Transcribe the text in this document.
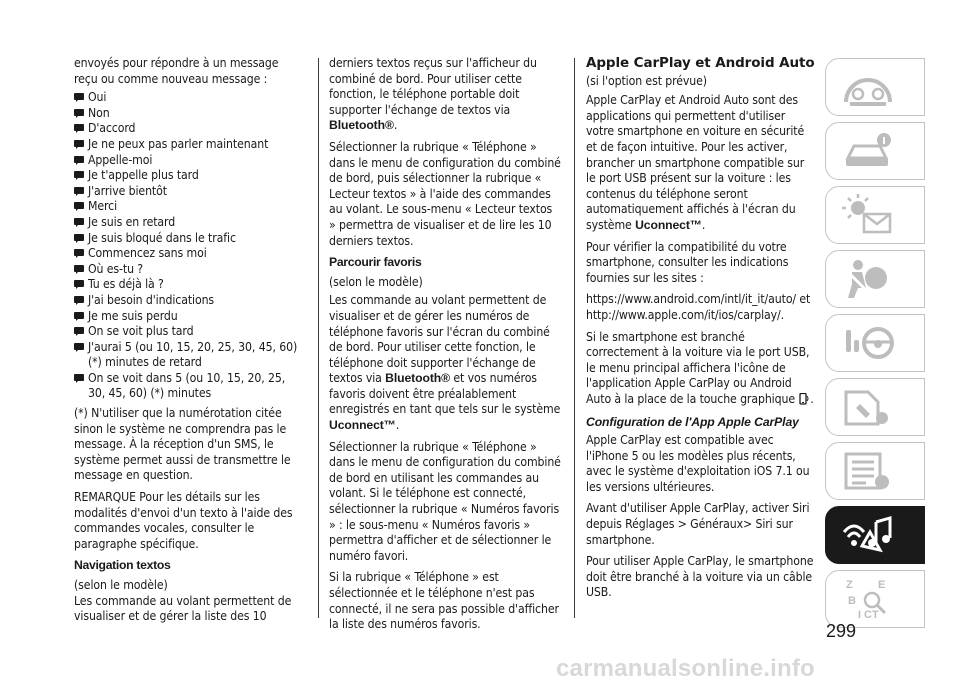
envoyés pour répondre à un message reçu ou comme nouveau message :

Oui
Non
D'accord
Je ne peux pas parler maintenant
Appelle-moi
Je t'appelle plus tard
J'arrive bientôt
Merci
Je suis en retard
Je suis bloqué dans le trafic
Commencez sans moi
Où es-tu ?
Tu es déjà là ?
J'ai besoin d'indications
Je me suis perdu
On se voit plus tard
J'aurai 5 (ou 10, 15, 20, 25, 30, 45, 60) (*) minutes de retard
On se voit dans 5 (ou 10, 15, 20, 25, 30, 45, 60) (*) minutes

(*) N'utiliser que la numérotation citée sinon le système ne comprendra pas le message. À la réception d'un SMS, le système permet aussi de transmettre le message en question.

REMARQUE Pour les détails sur les modalités d'envoi d'un texto à l'aide des commandes vocales, consulter le paragraphe spécifique.

Navigation textos
(selon le modèle)
Les commande au volant permettent de visualiser et de gérer la liste des 10

derniers textos reçus sur l'afficheur du combiné de bord. Pour utiliser cette fonction, le téléphone portable doit supporter l'échange de textos via Bluetooth®.

Sélectionner la rubrique « Téléphone » dans le menu de configuration du combiné de bord, puis sélectionner la rubrique « Lecteur textos » à l'aide des commandes au volant. Le sous-menu « Lecteur textos » permettra de visualiser et de lire les 10 derniers textos.

Parcourir favoris
(selon le modèle)

Les commande au volant permettent de visualiser et de gérer les numéros de téléphone favoris sur l'écran du combiné de bord. Pour utiliser cette fonction, le téléphone doit supporter l'échange de textos via Bluetooth® et vos numéros favoris doivent être préalablement enregistrés en tant que tels sur le système Uconnect™.

Sélectionner la rubrique « Téléphone » dans le menu de configuration du combiné de bord en utilisant les commandes au volant. Si le téléphone est connecté, sélectionner la rubrique « Numéros favoris » : le sous-menu « Numéros favoris » permettra d'afficher et de sélectionner le numéro favori.

Si la rubrique « Téléphone » est sélectionnée et le téléphone n'est pas connecté, il ne sera pas possible d'afficher la liste des numéros favoris.

Apple CarPlay et Android Auto
(si l'option est prévue)

Apple CarPlay et Android Auto sont des applications qui permettent d'utiliser votre smartphone en voiture en sécurité et de façon intuitive. Pour les activer, brancher un smartphone compatible sur le port USB présent sur la voiture : les contenus du téléphone seront automatiquement affichés à l'écran du système Uconnect™.

Pour vérifier la compatibilité du votre smartphone, consulter les indications fournies sur les sites :

https://www.android.com/intl/it_it/auto/ et http://www.apple.com/it/ios/carplay/.

Si le smartphone est branché correctement à la voiture via le port USB, le menu principal affichera l'icône de l'application Apple CarPlay ou Android Auto à la place de la touche graphique .

Configuration de l'App Apple CarPlay

Apple CarPlay est compatible avec l'iPhone 5 ou les modèles plus récents, avec le système d'exploitation iOS 7.1 ou les versions ultérieures.

Avant d'utiliser Apple CarPlay, activer Siri depuis Réglages > Généraux> Siri sur smartphone.

Pour utiliser Apple CarPlay, le smartphone doit être branché à la voiture via un câble USB.

Z
B
E
I C T
299
carmanualsonline.info
